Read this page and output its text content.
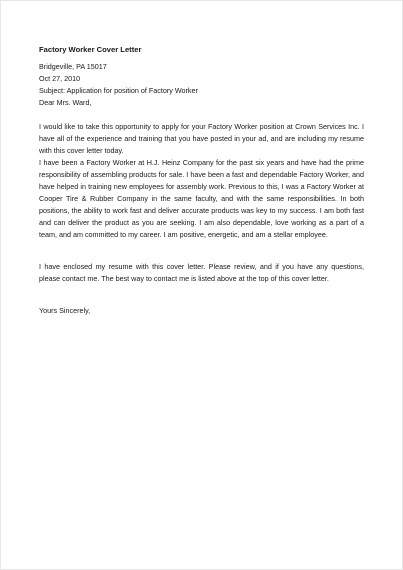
Factory Worker Cover Letter
Bridgeville, PA 15017
Oct 27, 2010
Subject: Application for position of Factory Worker
Dear Mrs. Ward,
I would like to take this opportunity to apply for your Factory Worker position at Crown Services Inc. I have all of the experience and training that you have posted in your ad, and are including my resume with this cover letter today.
I have been a Factory Worker at H.J. Heinz Company for the past six years and have had the prime responsibility of assembling products for sale. I have been a fast and dependable Factory Worker, and have helped in training new employees for assembly work. Previous to this, I was a Factory Worker at Cooper Tire & Rubber Company in the same faculty, and with the same responsibilities. In both positions, the ability to work fast and deliver accurate products was key to my success. I am both fast and can deliver the product as you are seeking. I am also dependable, love working as a part of a team, and am committed to my career. I am positive, energetic, and am a stellar employee.
I have enclosed my resume with this cover letter. Please review, and if you have any questions, please contact me. The best way to contact me is listed above at the top of this cover letter.
Yours Sincerely,
